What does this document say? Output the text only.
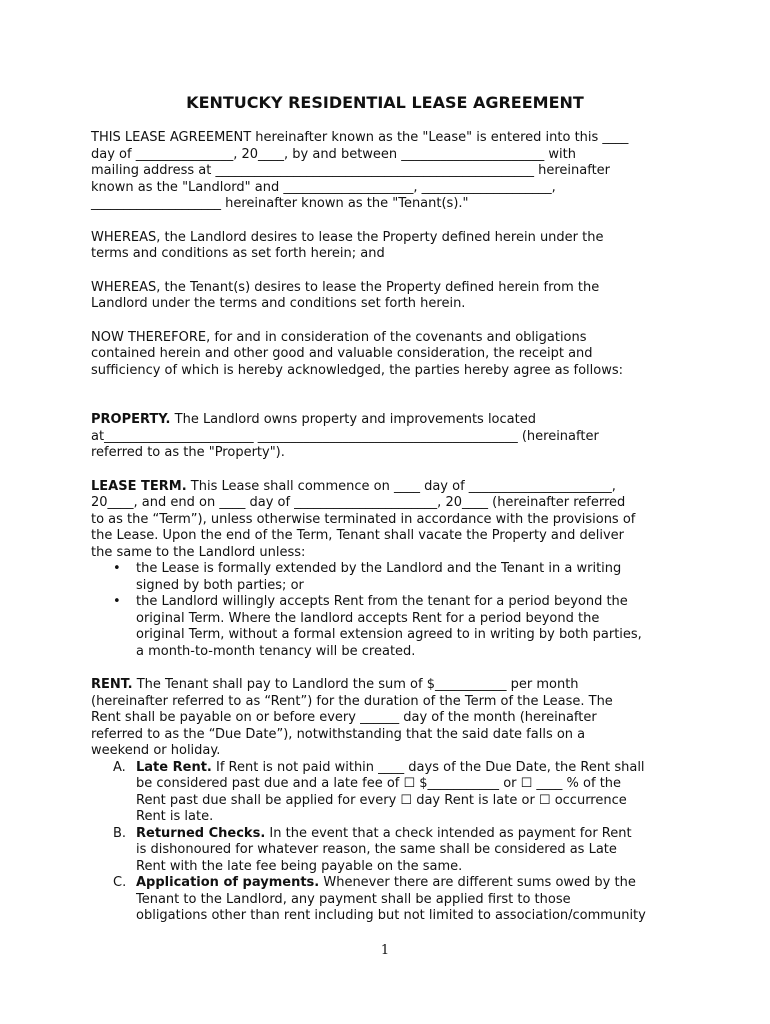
KENTUCKY RESIDENTIAL LEASE AGREEMENT

THIS LEASE AGREEMENT hereinafter known as the "Lease" is entered into this ____
day of _______________, 20____, by and between ______________________ with
mailing address at _________________________________________________ hereinafter
known as the "Landlord" and ____________________, ____________________,
____________________ hereinafter known as the "Tenant(s)."

WHEREAS, the Landlord desires to lease the Property defined herein under the
terms and conditions as set forth herein; and

WHEREAS, the Tenant(s) desires to lease the Property defined herein from the
Landlord under the terms and conditions set forth herein.

NOW THEREFORE, for and in consideration of the covenants and obligations
contained herein and other good and valuable consideration, the receipt and
sufficiency of which is hereby acknowledged, the parties hereby agree as follows:

PROPERTY. The Landlord owns property and improvements located
at_______________________ ________________________________________ (hereinafter
referred to as the "Property").

LEASE TERM. This Lease shall commence on ____ day of ______________________,
20____, and end on ____ day of ______________________, 20____ (hereinafter referred
to as the “Term”), unless otherwise terminated in accordance with the provisions of
the Lease. Upon the end of the Term, Tenant shall vacate the Property and deliver
the same to the Landlord unless:

• the Lease is formally extended by the Landlord and the Tenant in a writing
signed by both parties; or
• the Landlord willingly accepts Rent from the tenant for a period beyond the
original Term. Where the landlord accepts Rent for a period beyond the
original Term, without a formal extension agreed to in writing by both parties,
a month-to-month tenancy will be created.

RENT. The Tenant shall pay to Landlord the sum of $___________ per month
(hereinafter referred to as “Rent”) for the duration of the Term of the Lease. The
Rent shall be payable on or before every ______ day of the month (hereinafter
referred to as the “Due Date”), notwithstanding that the said date falls on a
weekend or holiday.

A. Late Rent. If Rent is not paid within ____ days of the Due Date, the Rent shall
be considered past due and a late fee of ☐ $___________ or ☐ ____ % of the
Rent past due shall be applied for every ☐ day Rent is late or ☐ occurrence
Rent is late.
B. Returned Checks. In the event that a check intended as payment for Rent
is dishonoured for whatever reason, the same shall be considered as Late
Rent with the late fee being payable on the same.
C. Application of payments. Whenever there are different sums owed by the
Tenant to the Landlord, any payment shall be applied first to those
obligations other than rent including but not limited to association/community
1
